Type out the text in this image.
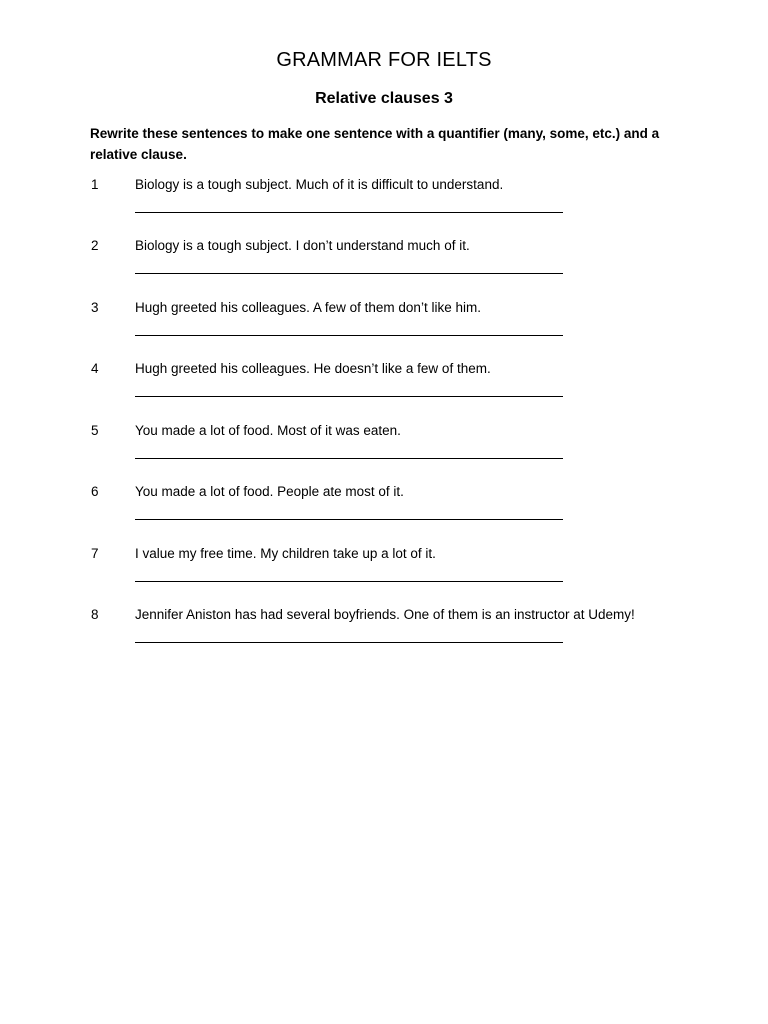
GRAMMAR FOR IELTS
Relative clauses 3
Rewrite these sentences to make one sentence with a quantifier (many, some, etc.) and a relative clause.
1	Biology is a tough subject. Much of it is difficult to understand.
2	Biology is a tough subject. I don’t understand much of it.
3	Hugh greeted his colleagues. A few of them don’t like him.
4	Hugh greeted his colleagues. He doesn’t like a few of them.
5	You made a lot of food. Most of it was eaten.
6	You made a lot of food. People ate most of it.
7	I value my free time. My children take up a lot of it.
8	Jennifer Aniston has had several boyfriends. One of them is an instructor at Udemy!
